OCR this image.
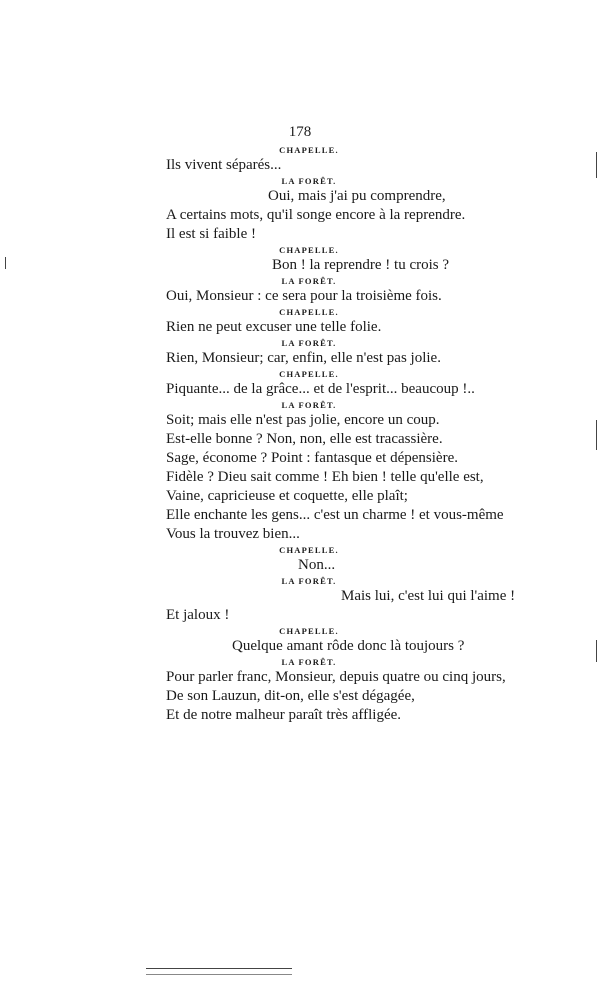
178
CHAPELLE.
Ils vivent séparés...
LA FORÊT.
Oui, mais j'ai pu comprendre,
A certains mots, qu'il songe encore à la reprendre.
Il est si faible !
CHAPELLE.
Bon ! la reprendre ! tu crois ?
LA FORÊT.
Oui, Monsieur : ce sera pour la troisième fois.
CHAPELLE.
Rien ne peut excuser une telle folie.
LA FORÊT.
Rien, Monsieur; car, enfin, elle n'est pas jolie.
CHAPELLE.
Piquante... de la grâce... et de l'esprit... beaucoup !..
LA FORÊT.
Soit; mais elle n'est pas jolie, encore un coup.
Est-elle bonne ? Non, non, elle est tracassière.
Sage, économe ? Point : fantasque et dépensière.
Fidèle ? Dieu sait comme ! Eh bien ! telle qu'elle est,
Vaine, capricieuse et coquette, elle plaît;
Elle enchante les gens... c'est un charme ! et vous-même
Vous la trouvez bien...
CHAPELLE.
Non...
LA FORÊT.
Mais lui, c'est lui qui l'aime !
Et jaloux !
CHAPELLE.
Quelque amant rôde donc là toujours ?
LA FORÊT.
Pour parler franc, Monsieur, depuis quatre ou cinq jours,
De son Lauzun, dit-on, elle s'est dégagée,
Et de notre malheur paraît très affligée.
